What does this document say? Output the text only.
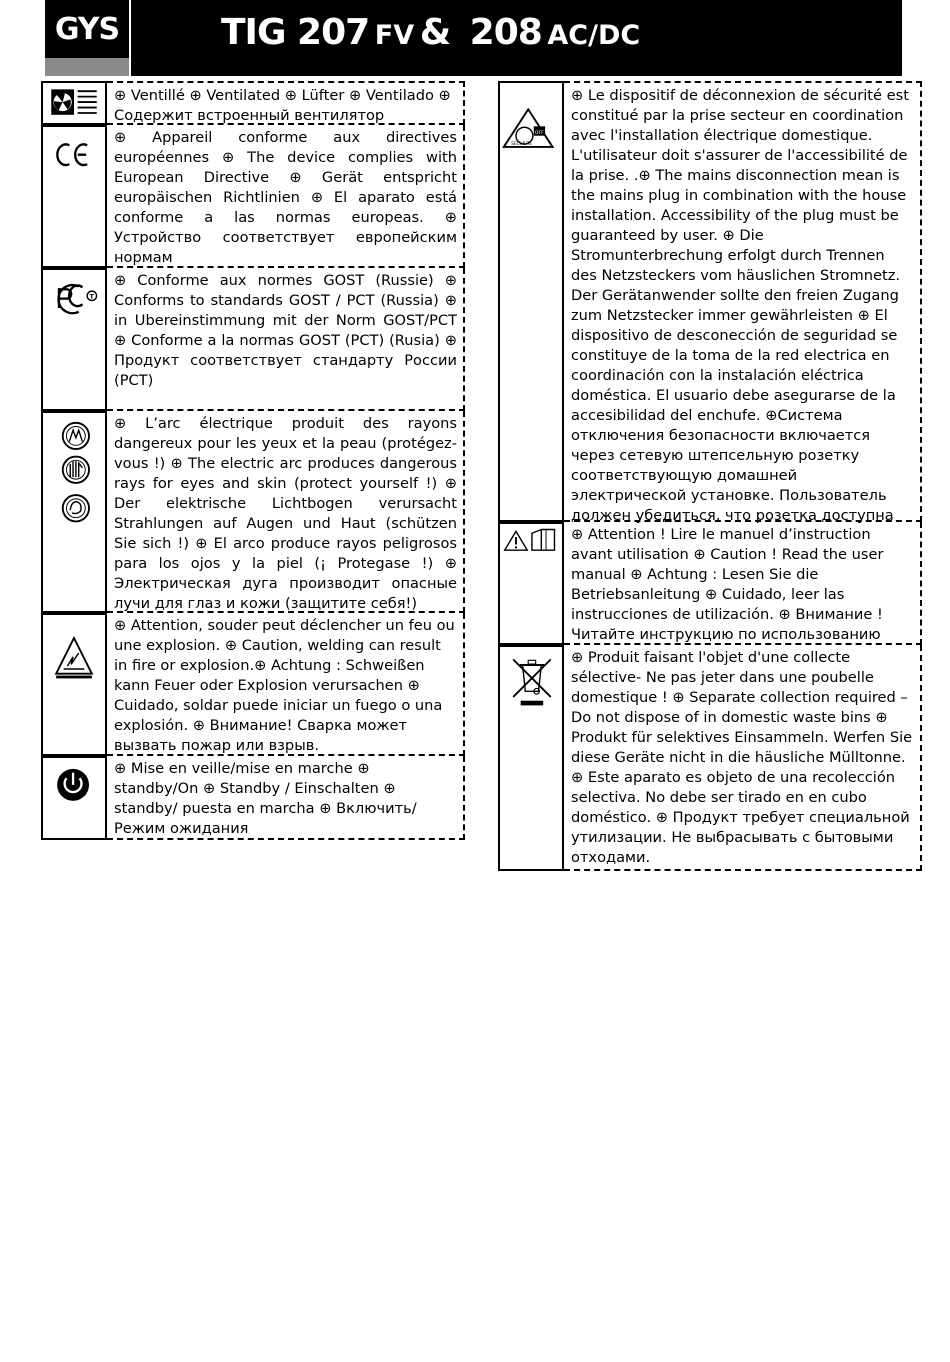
GYS	TIG 207 FV & 208 AC/DC
⊕ Ventillé ⊕ Ventilated ⊕ Lüfter ⊕ Ventilado ⊕ Содержит встроенный вентилятор
⊕ Appareil conforme aux directives européennes ⊕ The device complies with European Directive ⊕ Gerät entspricht europäischen Richtlinien ⊕ El aparato está conforme a las normas europeas. ⊕ Устройство соответствует европейским нормам
T
⊕ Conforme aux normes GOST (Russie) ⊕ Conforms to standards GOST / PCT (Russia) ⊕ in Ubereinstimmung mit der Norm GOST/PCT ⊕ Conforme a la normas GOST (PCT) (Rusia) ⊕ Продукт соответствует стандарту России (PCT)
⊕ L’arc électrique produit des rayons dangereux pour les yeux et la peau (protégez-vous !) ⊕ The electric arc produces dangerous rays for eyes and skin (protect yourself !) ⊕ Der elektrische Lichtbogen verursacht Strahlungen auf Augen und Haut (schützen Sie sich !) ⊕ El arco produce rayos peligrosos para los ojos y la piel (¡ Protegase !) ⊕ Электрическая дуга производит опасные лучи для глаз и кожи (защитите себя!)
⊕ Attention, souder peut déclencher un feu ou une explosion. ⊕ Caution, welding can result in fire or explosion.⊕ Achtung : Schweißen kann Feuer oder Explosion verursachen ⊕ Cuidado, soldar puede iniciar un fuego o una explosión. ⊕ Внимание! Сварка может вызвать пожар или взрыв.
⊕ Mise en veille/mise en marche ⊕ standby/On ⊕ Standby / Einschalten ⊕ standby/ puesta en marcha ⊕ Включить/Режим ожидания
OFF
SECURITE
⊕ Le dispositif de déconnexion de sécurité est constitué par la prise secteur en coordination avec l'installation électrique domestique. L'utilisateur doit s'assurer de l'accessibilité de la prise. .⊕ The mains disconnection mean is the mains plug in combination with the house installation. Accessibility of the plug must be guaranteed by user. ⊕ Die Stromunterbrechung erfolgt durch Trennen des Netzsteckers vom häuslichen Stromnetz. Der Gerätanwender sollte den freien Zugang zum Netzstecker immer gewährleisten ⊕ El dispositivo de desconección de seguridad se constituye de la toma de la red electrica en coordinación con la instalación eléctrica doméstica. El usuario debe asegurarse de la accesibilidad del enchufe. ⊕Система отключения безопасности включается через сетевую штепсельную розетку соответствующую домашней электрической установке. Пользователь должен убедиться, что розетка доступна
⊕ Attention ! Lire le manuel d’instruction avant utilisation ⊕ Caution ! Read the user manual ⊕ Achtung : Lesen Sie die Betriebsanleitung ⊕ Cuidado, leer las instrucciones de utilización. ⊕ Внимание ! Читайте инструкцию по использованию
⊕ Produit faisant l'objet d'une collecte sélective- Ne pas jeter dans une poubelle domestique ! ⊕ Separate collection required – Do not dispose of in domestic waste bins ⊕ Produkt für selektives Einsammeln. Werfen Sie diese Geräte nicht in die häusliche Mülltonne. ⊕ Este aparato es objeto de una recolección selectiva. No debe ser tirado en en cubo doméstico. ⊕ Продукт требует специальной утилизации. Не выбрасывать с бытовыми отходами.
